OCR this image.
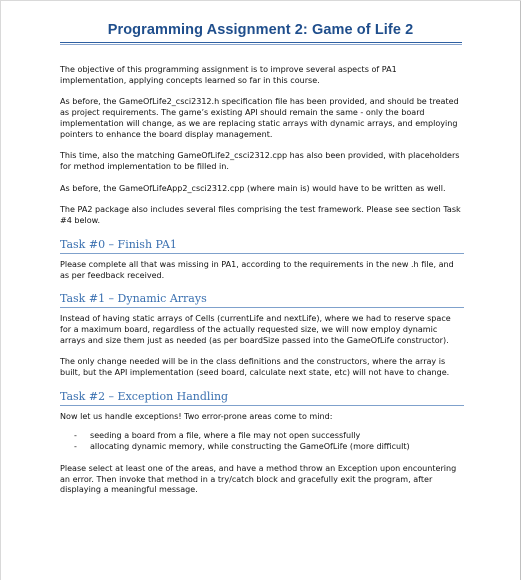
Programming Assignment 2: Game of Life 2

The objective of this programming assignment is to improve several aspects of PA1 implementation, applying concepts learned so far in this course.

As before, the GameOfLife2_csci2312.h specification file has been provided, and should be treated as project requirements. The game’s existing API should remain the same - only the board implementation will change, as we are replacing static arrays with dynamic arrays, and employing pointers to enhance the board display management.

This time, also the matching GameOfLife2_csci2312.cpp has also been provided, with placeholders for method implementation to be filled in.

As before, the GameOfLifeApp2_csci2312.cpp (where main is) would have to be written as well.

The PA2 package also includes several files comprising the test framework. Please see section Task #4 below.

Task #0 – Finish PA1

Please complete all that was missing in PA1, according to the requirements in the new .h file, and as per feedback received.

Task #1 – Dynamic Arrays

Instead of having static arrays of Cells (currentLife and nextLife), where we had to reserve space for a maximum board, regardless of the actually requested size, we will now employ dynamic arrays and size them just as needed (as per boardSize passed into the GameOfLife constructor).

The only change needed will be in the class definitions and the constructors, where the array is built, but the API implementation (seed board, calculate next state, etc) will not have to change.

Task #2 – Exception Handling

Now let us handle exceptions! Two error-prone areas come to mind:

- seeding a board from a file, where a file may not open successfully
- allocating dynamic memory, while constructing the GameOfLife (more difficult)

Please select at least one of the areas, and have a method throw an Exception upon encountering an error. Then invoke that method in a try/catch block and gracefully exit the program, after displaying a meaningful message.
